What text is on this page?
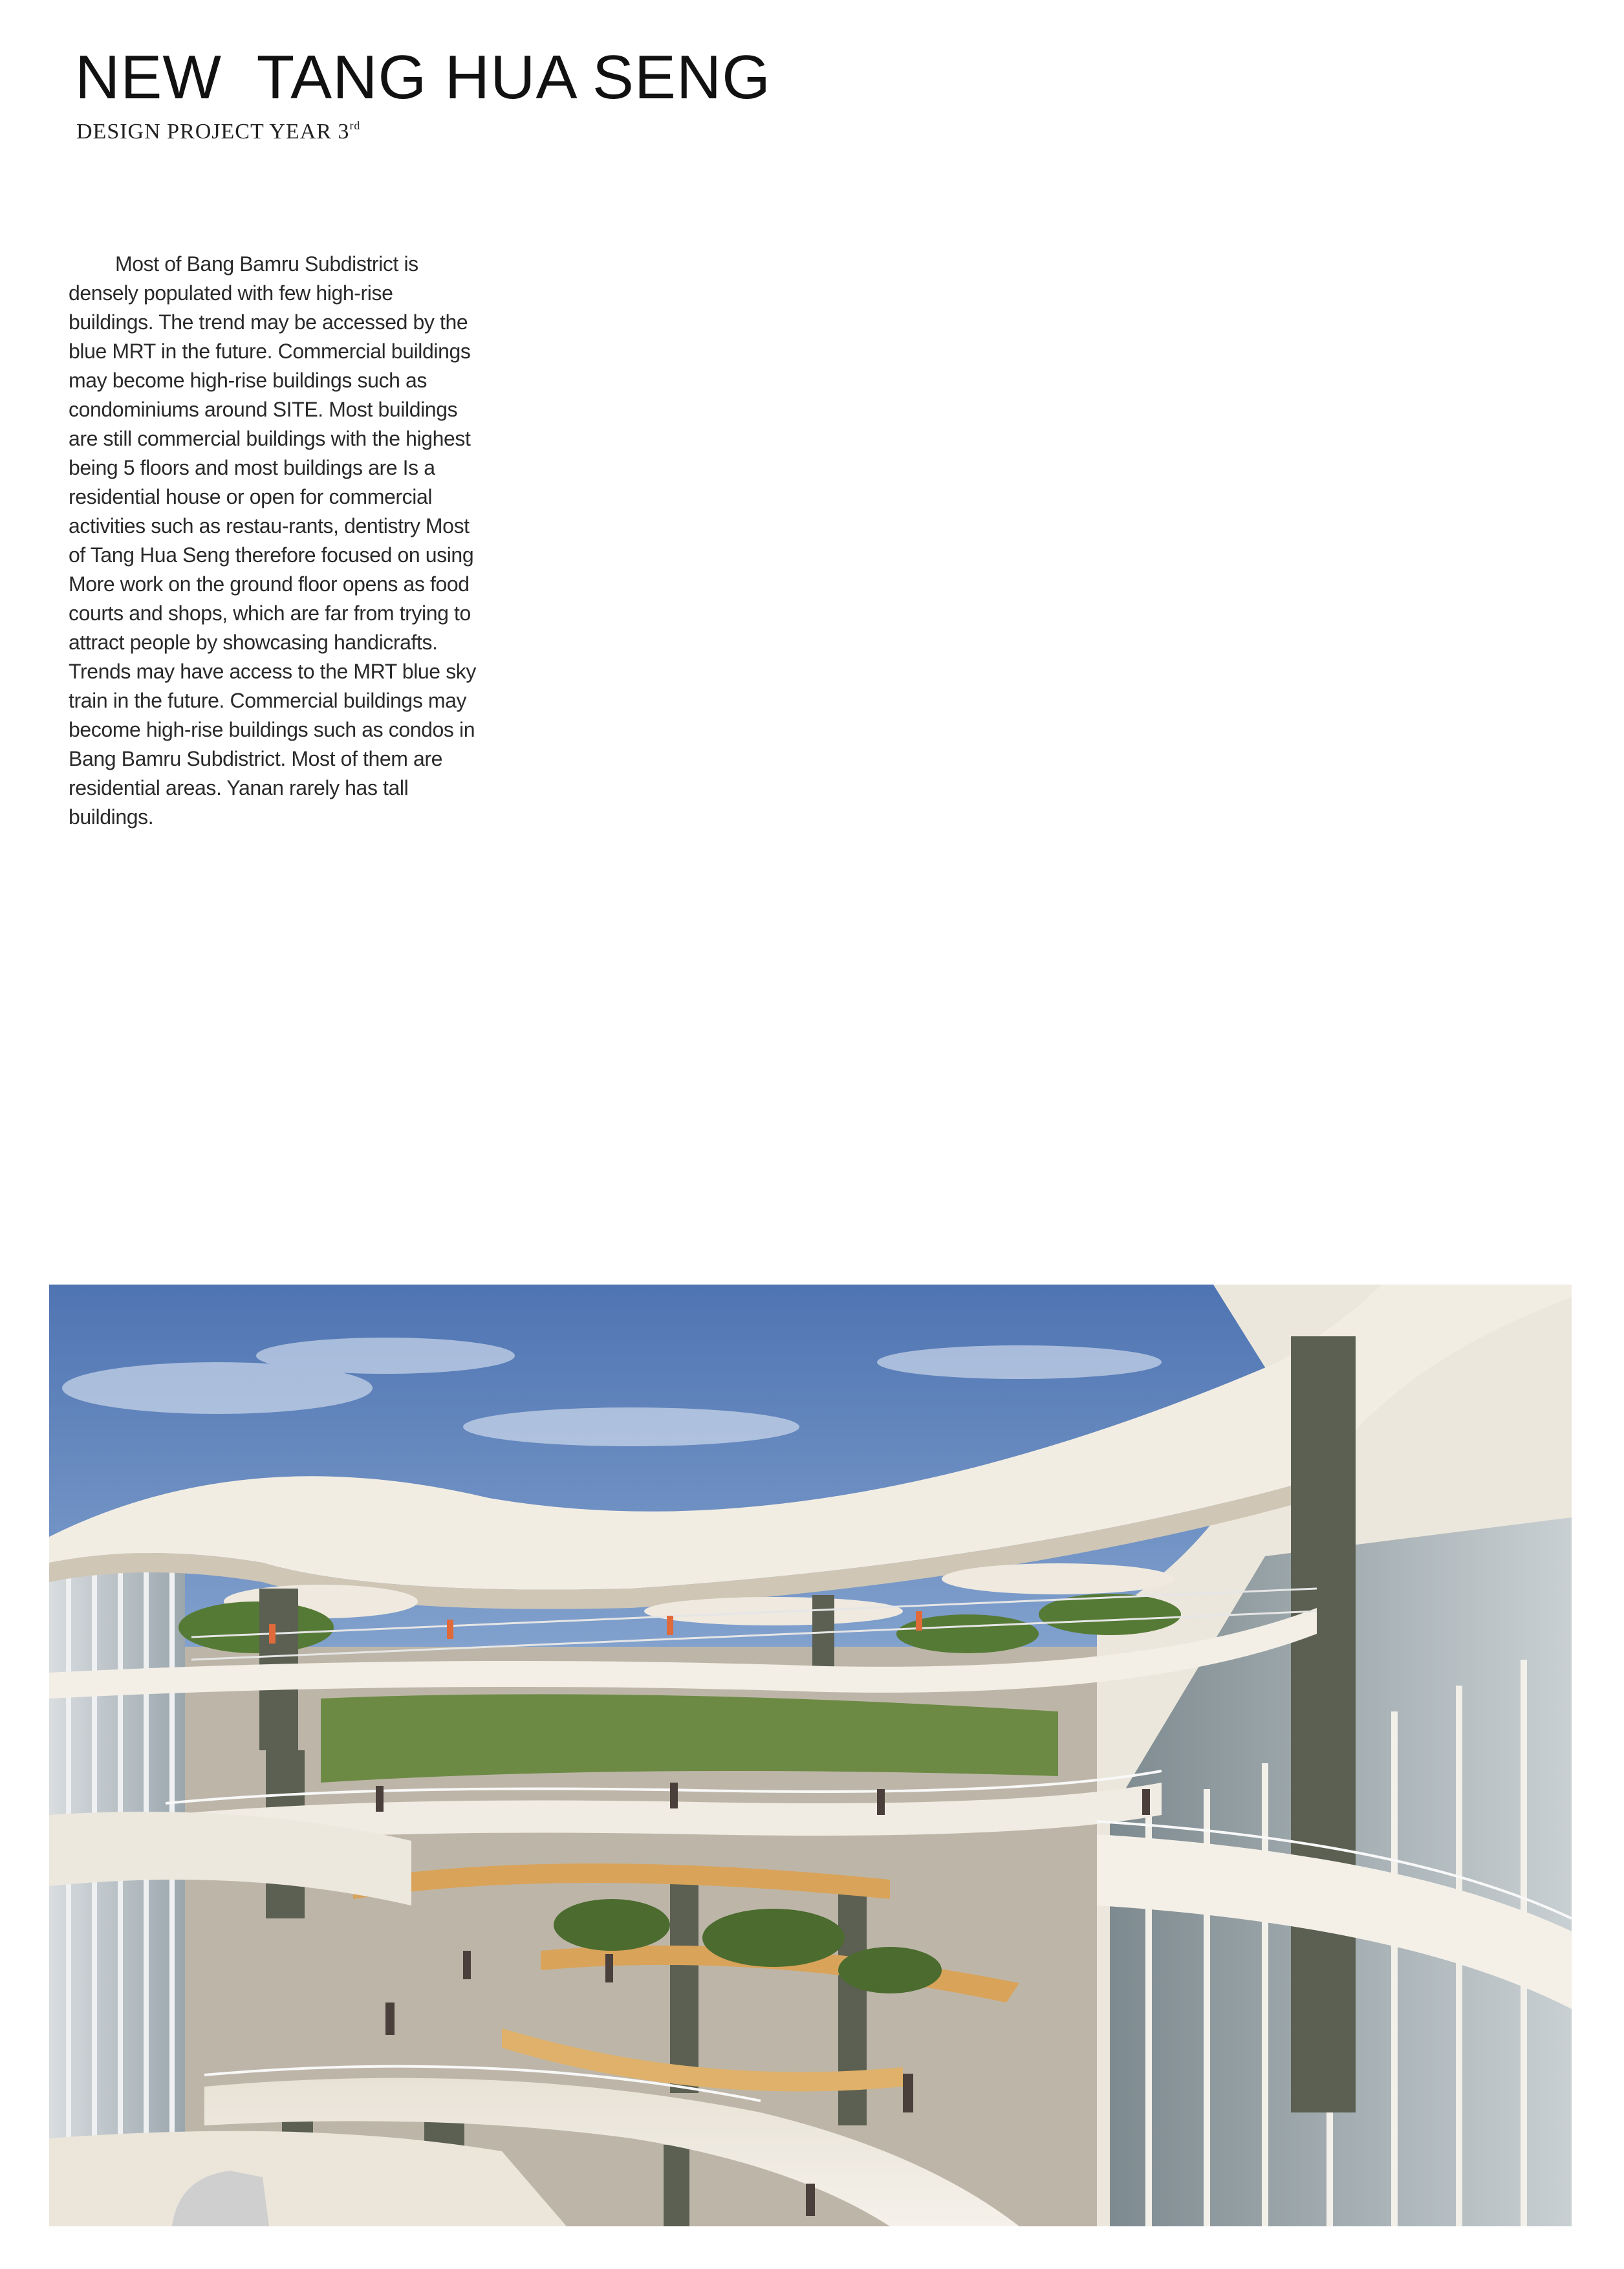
NEW  TANG HUA SENG
DESIGN PROJECT YEAR 3rd

Most of Bang Bamru Subdistrict is densely populated with few high-rise buildings. The trend may be accessed by the blue MRT in the future. Commercial buildings may become high-rise buildings such as condominiums around SITE. Most buildings are still commercial buildings with the highest being 5 floors and most buildings are Is a residential house or open for commercial activities such as restau-rants, dentistry Most of Tang Hua Seng therefore focused on using More work on the ground floor opens as food courts and shops, which are far from trying to attract people by showcasing handicrafts. Trends may have access to the MRT blue sky train in the future. Commercial buildings may become high-rise buildings such as condos in Bang Bamru Subdistrict. Most of them are residential areas. Yanan rarely has tall buildings.
